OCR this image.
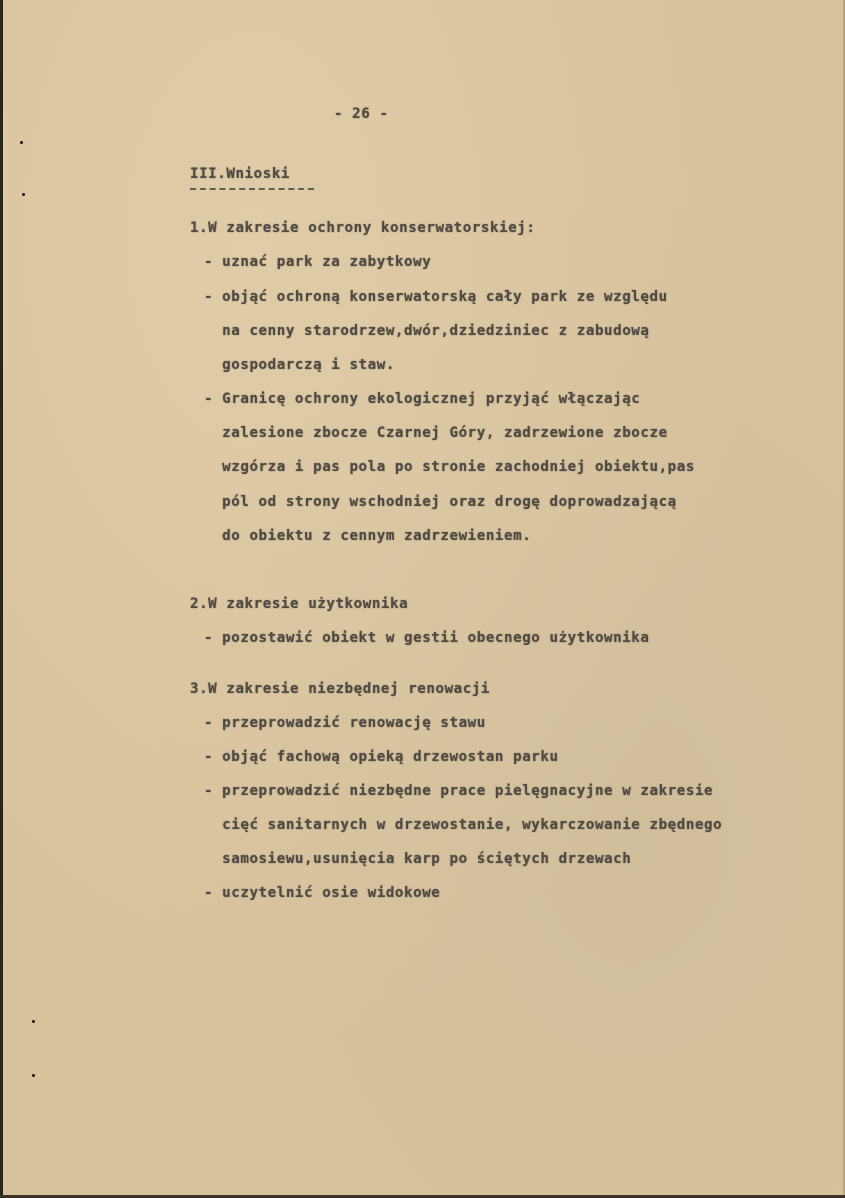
- 26 -
III.Wnioski
1.W zakresie ochrony konserwatorskiej:
- uznać park za zabytkowy
- objąć ochroną konserwatorską cały park ze względu
na cenny starodrzew,dwór,dziedziniec z zabudową
gospodarczą i staw.
- Granicę ochrony ekologicznej przyjąć włączając
zalesione zbocze Czarnej Góry, zadrzewione zbocze
wzgórza i pas pola po stronie zachodniej obiektu,pas
pól od strony wschodniej oraz drogę doprowadzającą
do obiektu z cennym zadrzewieniem.
2.W zakresie użytkownika
- pozostawić obiekt w gestii obecnego użytkownika
3.W zakresie niezbędnej renowacji
- przeprowadzić renowację stawu
- objąć fachową opieką drzewostan parku
- przeprowadzić niezbędne prace pielęgnacyjne w zakresie
cięć sanitarnych w drzewostanie, wykarczowanie zbędnego
samosiewu,usunięcia karp po ściętych drzewach
- uczytelnić osie widokowe
